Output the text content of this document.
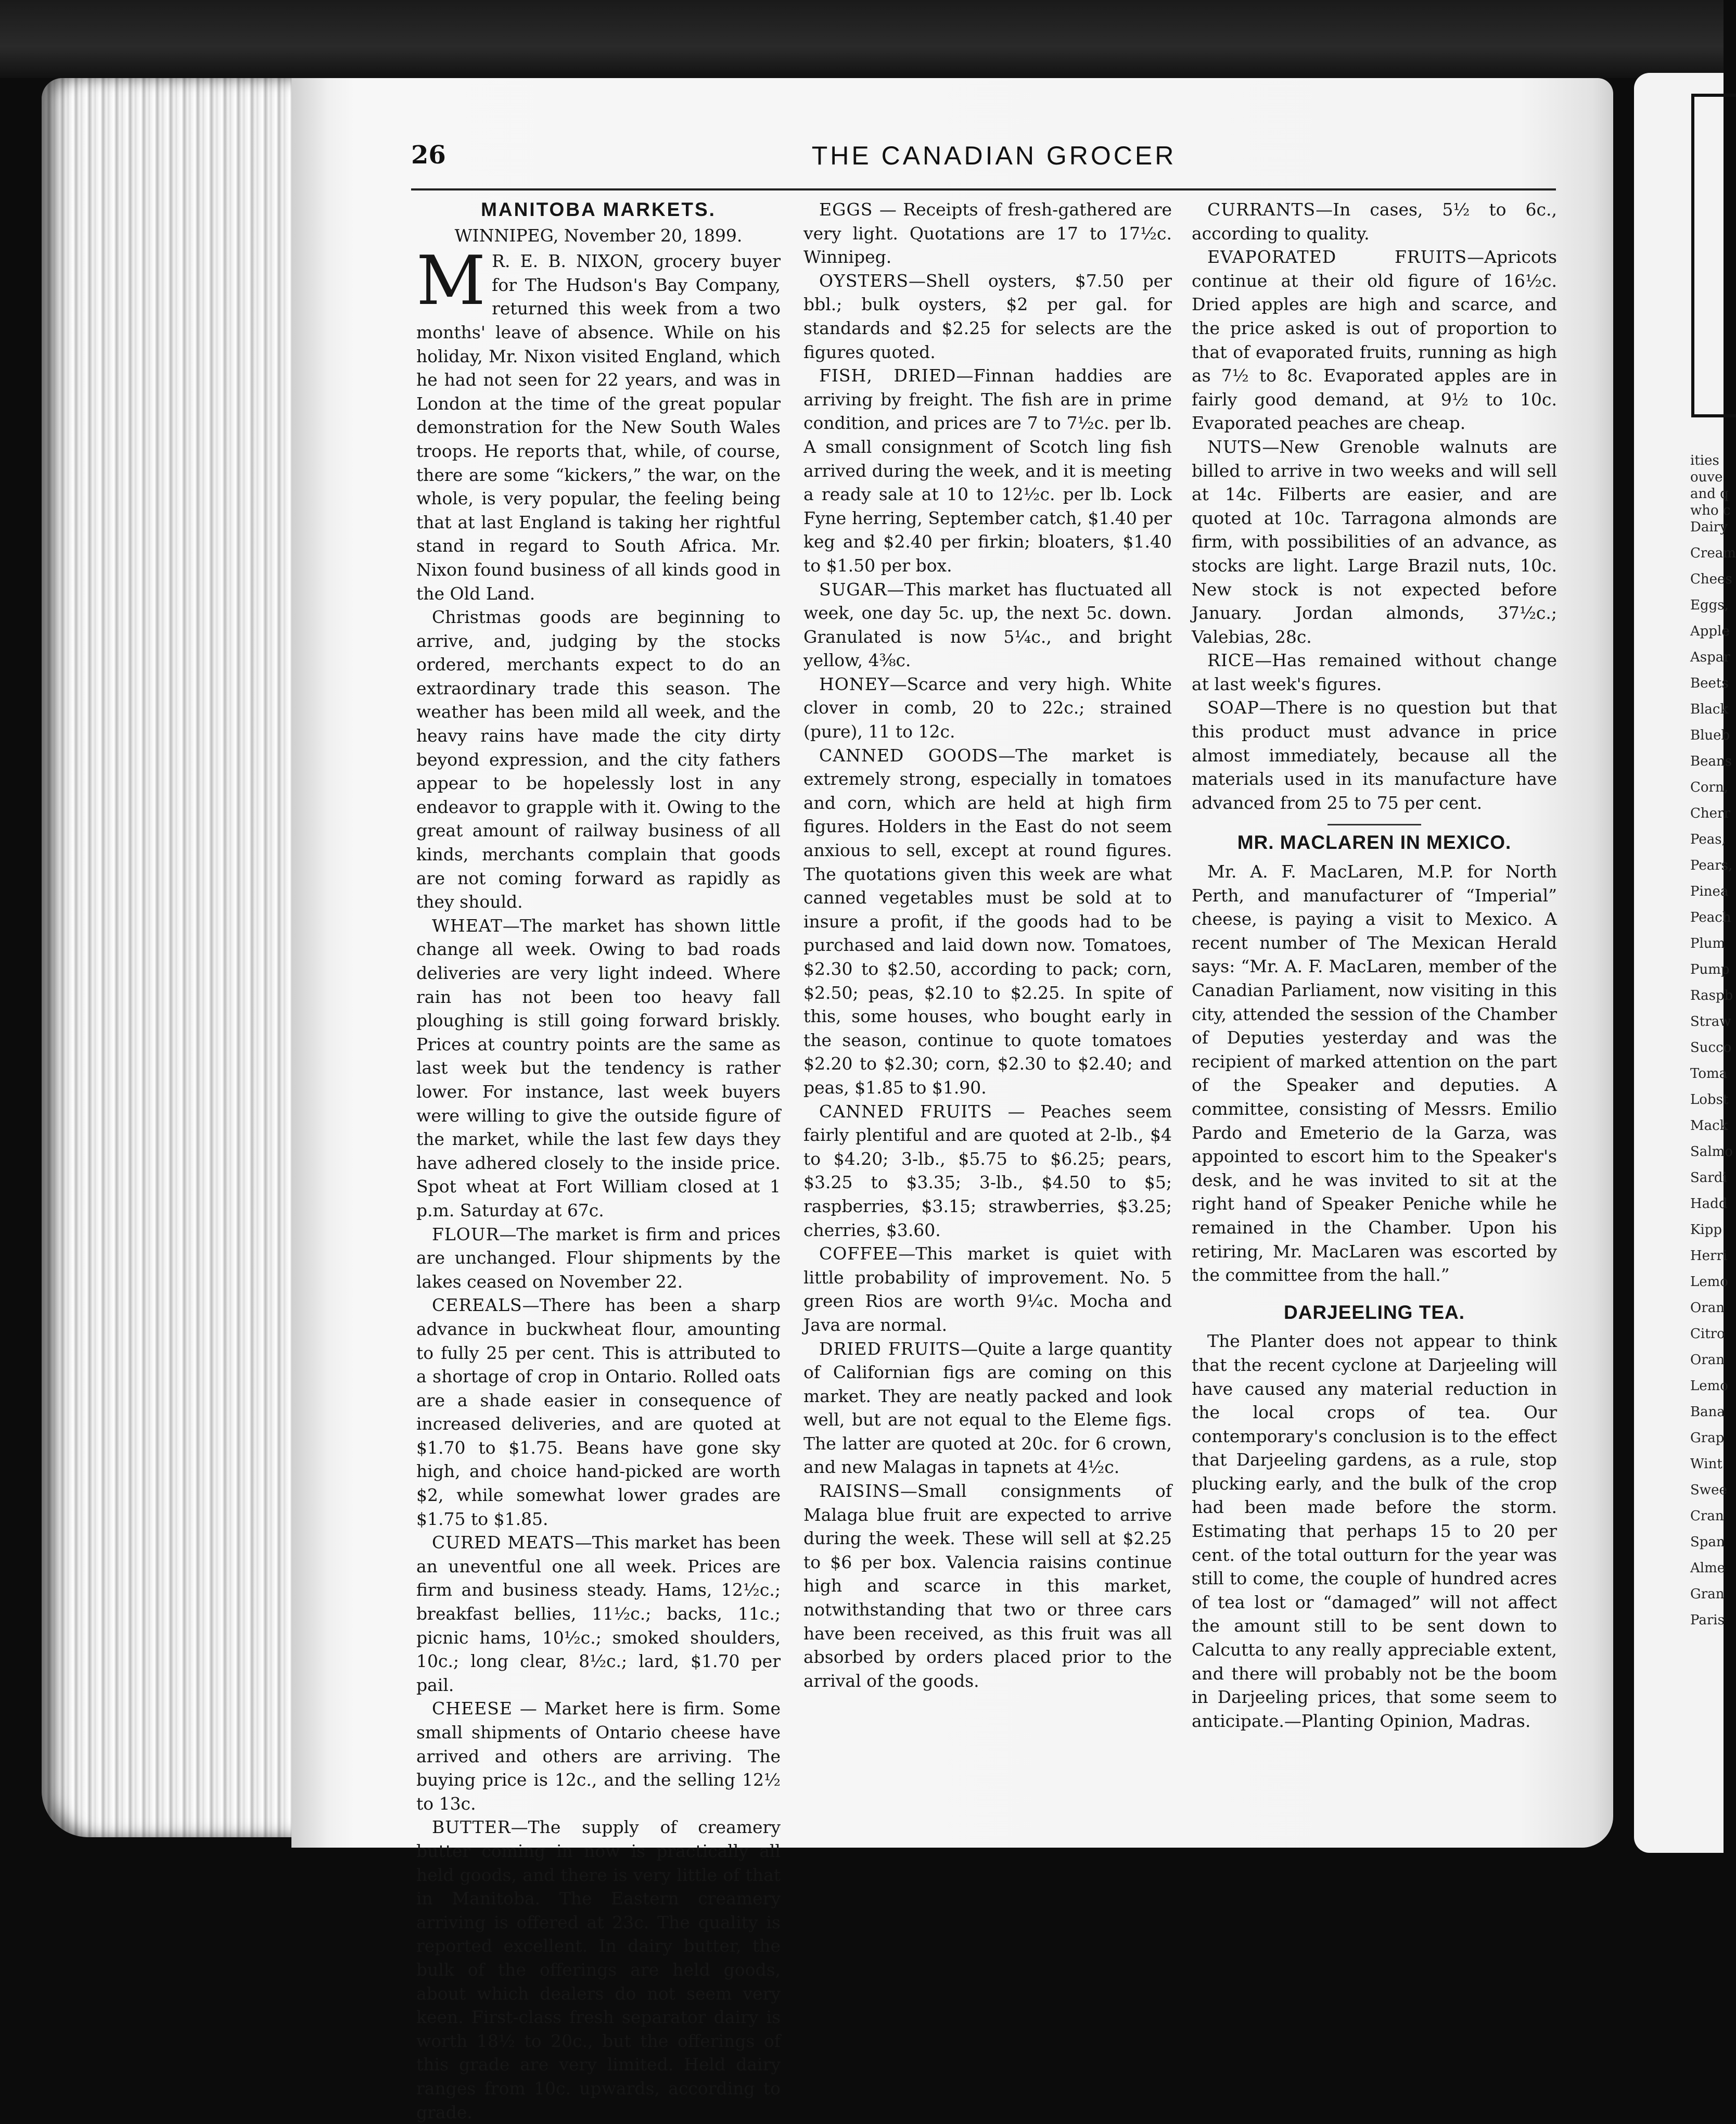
ities
ouve
and q
who c
Dairy
Cream
Chees
Eggs,
Apple
Aspar
Beets
Black
Blueb
Beans
Corn,
Cherr
Peas,
Pears,
Pinea
Peach
Plum
Pump
Raspb
Straw
Succo
Toma
Lobst
Mack
Salmo
Sardi
Hadd
Kipp
Herri
Lemo
Oran
Citro
Oran
Lemo
Bana
Grap
Wint
Swee
Cran
Span
Alme
Gran
Paris
26	THE CANADIAN GROCER
MANITOBA MARKETS.
WINNIPEG, November 20, 1899.

M R. E. B. NIXON, grocery buyer for The Hudson's Bay Company, returned this week from a two months' leave of absence. While on his holiday, Mr. Nixon visited England, which he had not seen for 22 years, and was in London at the time of the great popular demonstration for the New South Wales troops. He reports that, while, of course, there are some “kickers,” the war, on the whole, is very popular, the feeling being that at last England is taking her rightful stand in regard to South Africa. Mr. Nixon found business of all kinds good in the Old Land.

Christmas goods are beginning to arrive, and, judging by the stocks ordered, merchants expect to do an extraordinary trade this season. The weather has been mild all week, and the heavy rains have made the city dirty beyond expression, and the city fathers appear to be hopelessly lost in any endeavor to grapple with it. Owing to the great amount of railway business of all kinds, merchants complain that goods are not coming forward as rapidly as they should.

WHEAT—The market has shown little change all week. Owing to bad roads deliveries are very light indeed. Where rain has not been too heavy fall ploughing is still going forward briskly. Prices at country points are the same as last week but the tendency is rather lower. For instance, last week buyers were willing to give the outside figure of the market, while the last few days they have adhered closely to the inside price. Spot wheat at Fort William closed at 1 p.m. Saturday at 67c.

FLOUR—The market is firm and prices are unchanged. Flour shipments by the lakes ceased on November 22.

CEREALS—There has been a sharp advance in buckwheat flour, amounting to fully 25 per cent. This is attributed to a shortage of crop in Ontario. Rolled oats are a shade easier in consequence of increased deliveries, and are quoted at $1.70 to $1.75. Beans have gone sky high, and choice hand-picked are worth $2, while somewhat lower grades are $1.75 to $1.85.

CURED MEATS—This market has been an uneventful one all week. Prices are firm and business steady. Hams, 12½c.; breakfast bellies, 11½c.; backs, 11c.; picnic hams, 10½c.; smoked shoulders, 10c.; long clear, 8½c.; lard, $1.70 per pail.

CHEESE — Market here is firm. Some small shipments of Ontario cheese have arrived and others are arriving. The buying price is 12c., and the selling 12½ to 13c.

BUTTER—The supply of creamery butter coming in now is practically all held goods, and there is very little of that in Manitoba. The Eastern creamery arriving is offered at 23c. The quality is reported excellent. In dairy butter, the bulk of the offerings are held goods, about which dealers do not seem very keen. First-class fresh separator dairy is worth 18½ to 20c., but the offerings of this grade are very limited. Held dairy ranges from 10c. upwards, according to grade.

EGGS — Receipts of fresh-gathered are very light. Quotations are 17 to 17½c. Winnipeg.

OYSTERS—Shell oysters, $7.50 per bbl.; bulk oysters, $2 per gal. for standards and $2.25 for selects are the figures quoted.

FISH, DRIED—Finnan haddies are arriving by freight. The fish are in prime condition, and prices are 7 to 7½c. per lb. A small consignment of Scotch ling fish arrived during the week, and it is meeting a ready sale at 10 to 12½c. per lb. Lock Fyne herring, September catch, $1.40 per keg and $2.40 per firkin; bloaters, $1.40 to $1.50 per box.

SUGAR—This market has fluctuated all week, one day 5c. up, the next 5c. down. Granulated is now 5¼c., and bright yellow, 4⅜c.

HONEY—Scarce and very high. White clover in comb, 20 to 22c.; strained (pure), 11 to 12c.

CANNED GOODS—The market is extremely strong, especially in tomatoes and corn, which are held at high firm figures. Holders in the East do not seem anxious to sell, except at round figures. The quotations given this week are what canned vegetables must be sold at to insure a profit, if the goods had to be purchased and laid down now. Tomatoes, $2.30 to $2.50, according to pack; corn, $2.50; peas, $2.10 to $2.25. In spite of this, some houses, who bought early in the season, continue to quote tomatoes $2.20 to $2.30; corn, $2.30 to $2.40; and peas, $1.85 to $1.90.

CANNED FRUITS — Peaches seem fairly plentiful and are quoted at 2-lb., $4 to $4.20; 3-lb., $5.75 to $6.25; pears, $3.25 to $3.35; 3-lb., $4.50 to $5; raspberries, $3.15; strawberries, $3.25; cherries, $3.60.

COFFEE—This market is quiet with little probability of improvement. No. 5 green Rios are worth 9¼c. Mocha and Java are normal.

DRIED FRUITS—Quite a large quantity of Californian figs are coming on this market. They are neatly packed and look well, but are not equal to the Eleme figs. The latter are quoted at 20c. for 6 crown, and new Malagas in tapnets at 4½c.

RAISINS—Small consignments of Malaga blue fruit are expected to arrive during the week. These will sell at $2.25 to $6 per box. Valencia raisins continue high and scarce in this market, notwithstanding that two or three cars have been received, as this fruit was all absorbed by orders placed prior to the arrival of the goods.

CURRANTS—In cases, 5½ to 6c., according to quality.

EVAPORATED FRUITS—Apricots continue at their old figure of 16½c. Dried apples are high and scarce, and the price asked is out of proportion to that of evaporated fruits, running as high as 7½ to 8c. Evaporated apples are in fairly good demand, at 9½ to 10c. Evaporated peaches are cheap.

NUTS—New Grenoble walnuts are billed to arrive in two weeks and will sell at 14c. Filberts are easier, and are quoted at 10c. Tarragona almonds are firm, with possibilities of an advance, as stocks are light. Large Brazil nuts, 10c. New stock is not expected before January. Jordan almonds, 37½c.; Valebias, 28c.

RICE—Has remained without change at last week's figures.

SOAP—There is no question but that this product must advance in price almost immediately, because all the materials used in its manufacture have advanced from 25 to 75 per cent.

MR. MACLAREN IN MEXICO.

Mr. A. F. MacLaren, M.P. for North Perth, and manufacturer of “Imperial” cheese, is paying a visit to Mexico. A recent number of The Mexican Herald says: “Mr. A. F. MacLaren, member of the Canadian Parliament, now visiting in this city, attended the session of the Chamber of Deputies yesterday and was the recipient of marked attention on the part of the Speaker and deputies. A committee, consisting of Messrs. Emilio Pardo and Emeterio de la Garza, was appointed to escort him to the Speaker's desk, and he was invited to sit at the right hand of Speaker Peniche while he remained in the Chamber. Upon his retiring, Mr. MacLaren was escorted by the committee from the hall.”

DARJEELING TEA.

The Planter does not appear to think that the recent cyclone at Darjeeling will have caused any material reduction in the local crops of tea. Our contemporary's conclusion is to the effect that Darjeeling gardens, as a rule, stop plucking early, and the bulk of the crop had been made before the storm. Estimating that perhaps 15 to 20 per cent. of the total outturn for the year was still to come, the couple of hundred acres of tea lost or “damaged” will not affect the amount still to be sent down to Calcutta to any really appreciable extent, and there will probably not be the boom in Darjeeling prices, that some seem to anticipate.—Planting Opinion, Madras.
